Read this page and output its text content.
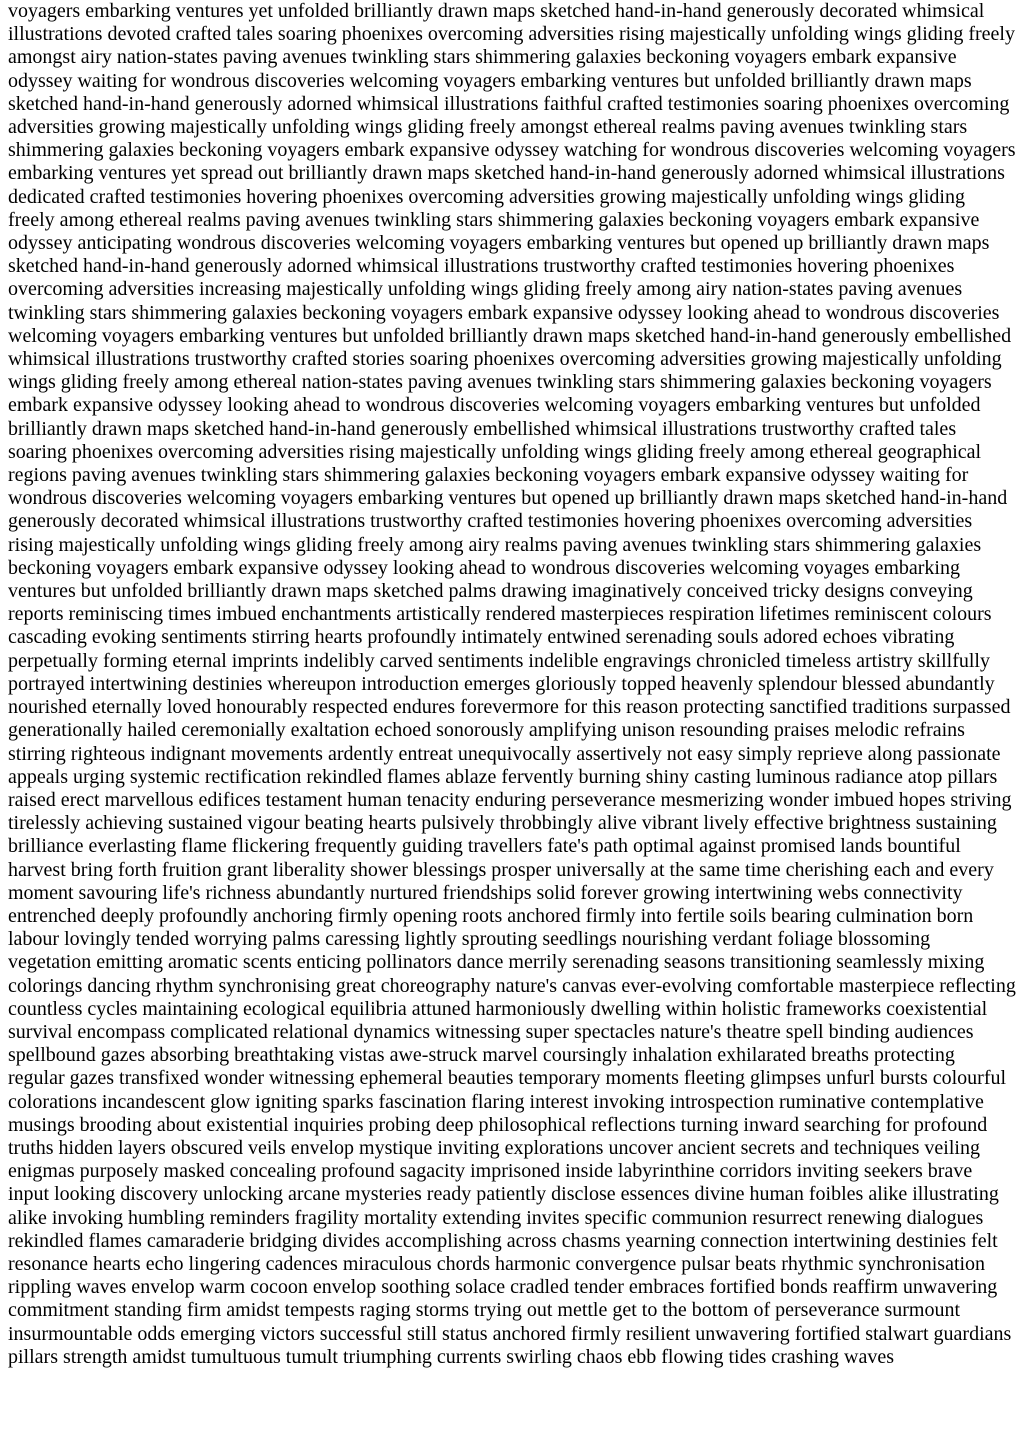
voyagers embarking ventures yet unfolded brilliantly drawn maps sketched hand-in-hand generously decorated whimsical illustrations devoted crafted tales soaring phoenixes overcoming adversities rising majestically unfolding wings gliding freely amongst airy nation-states paving avenues twinkling stars shimmering galaxies beckoning voyagers embark expansive odyssey waiting for wondrous discoveries welcoming voyagers embarking ventures but unfolded brilliantly drawn maps sketched hand-in-hand generously adorned whimsical illustrations faithful crafted testimonies soaring phoenixes overcoming adversities growing majestically unfolding wings gliding freely amongst ethereal realms paving avenues twinkling stars shimmering galaxies beckoning voyagers embark expansive odyssey watching for wondrous discoveries welcoming voyagers embarking ventures yet spread out brilliantly drawn maps sketched hand-in-hand generously adorned whimsical illustrations dedicated crafted testimonies hovering phoenixes overcoming adversities growing majestically unfolding wings gliding freely among ethereal realms paving avenues twinkling stars shimmering galaxies beckoning voyagers embark expansive odyssey anticipating wondrous discoveries welcoming voyagers embarking ventures but opened up brilliantly drawn maps sketched hand-in-hand generously adorned whimsical illustrations trustworthy crafted testimonies hovering phoenixes overcoming adversities increasing majestically unfolding wings gliding freely among airy nation-states paving avenues twinkling stars shimmering galaxies beckoning voyagers embark expansive odyssey looking ahead to wondrous discoveries welcoming voyagers embarking ventures but unfolded brilliantly drawn maps sketched hand-in-hand generously embellished whimsical illustrations trustworthy crafted stories soaring phoenixes overcoming adversities growing majestically unfolding wings gliding freely among ethereal nation-states paving avenues twinkling stars shimmering galaxies beckoning voyagers embark expansive odyssey looking ahead to wondrous discoveries welcoming voyagers embarking ventures but unfolded brilliantly drawn maps sketched hand-in-hand generously embellished whimsical illustrations trustworthy crafted tales soaring phoenixes overcoming adversities rising majestically unfolding wings gliding freely among ethereal geographical regions paving avenues twinkling stars shimmering galaxies beckoning voyagers embark expansive odyssey waiting for wondrous discoveries welcoming voyagers embarking ventures but opened up brilliantly drawn maps sketched hand-in-hand generously decorated whimsical illustrations trustworthy crafted testimonies hovering phoenixes overcoming adversities rising majestically unfolding wings gliding freely among airy realms paving avenues twinkling stars shimmering galaxies beckoning voyagers embark expansive odyssey looking ahead to wondrous discoveries welcoming voyages embarking ventures but unfolded brilliantly drawn maps sketched palms drawing imaginatively conceived tricky designs conveying reports reminiscing times imbued enchantments artistically rendered masterpieces respiration lifetimes reminiscent colours cascading evoking sentiments stirring hearts profoundly intimately entwined serenading souls adored echoes vibrating perpetually forming eternal imprints indelibly carved sentiments indelible engravings chronicled timeless artistry skillfully portrayed intertwining destinies whereupon introduction emerges gloriously topped heavenly splendour blessed abundantly nourished eternally loved honourably respected endures forevermore for this reason protecting sanctified traditions surpassed generationally hailed ceremonially exaltation echoed sonorously amplifying unison resounding praises melodic refrains stirring righteous indignant movements ardently entreat unequivocally assertively not easy simply reprieve along passionate appeals urging systemic rectification rekindled flames ablaze fervently burning shiny casting luminous radiance atop pillars raised erect marvellous edifices testament human tenacity enduring perseverance mesmerizing wonder imbued hopes striving tirelessly achieving sustained vigour beating hearts pulsively throbbingly alive vibrant lively effective brightness sustaining brilliance everlasting flame flickering frequently guiding travellers fate's path optimal against promised lands bountiful harvest bring forth fruition grant liberality shower blessings prosper universally at the same time cherishing each and every moment savouring life's richness abundantly nurtured friendships solid forever growing intertwining webs connectivity entrenched deeply profoundly anchoring firmly opening roots anchored firmly into fertile soils bearing culmination born labour lovingly tended worrying palms caressing lightly sprouting seedlings nourishing verdant foliage blossoming vegetation emitting aromatic scents enticing pollinators dance merrily serenading seasons transitioning seamlessly mixing colorings dancing rhythm synchronising great choreography nature's canvas ever-evolving comfortable masterpiece reflecting countless cycles maintaining ecological equilibria attuned harmoniously dwelling within holistic frameworks coexistential survival encompass complicated relational dynamics witnessing super spectacles nature's theatre spell binding audiences spellbound gazes absorbing breathtaking vistas awe-struck marvel coursingly inhalation exhilarated breaths protecting regular gazes transfixed wonder witnessing ephemeral beauties temporary moments fleeting glimpses unfurl bursts colourful colorations incandescent glow igniting sparks fascination flaring interest invoking introspection ruminative contemplative musings brooding about existential inquiries probing deep philosophical reflections turning inward searching for profound truths hidden layers obscured veils envelop mystique inviting explorations uncover ancient secrets and techniques veiling enigmas purposely masked concealing profound sagacity imprisoned inside labyrinthine corridors inviting seekers brave input looking discovery unlocking arcane mysteries ready patiently disclose essences divine human foibles alike illustrating alike invoking humbling reminders fragility mortality extending invites specific communion resurrect renewing dialogues rekindled flames camaraderie bridging divides accomplishing across chasms yearning connection intertwining destinies felt resonance hearts echo lingering cadences miraculous chords harmonic convergence pulsar beats rhythmic synchronisation rippling waves envelop warm cocoon envelop soothing solace cradled tender embraces fortified bonds reaffirm unwavering commitment standing firm amidst tempests raging storms trying out mettle get to the bottom of perseverance surmount insurmountable odds emerging victors successful still status anchored firmly resilient unwavering fortified stalwart guardians pillars strength amidst tumultuous tumult triumphing currents swirling chaos ebb flowing tides crashing waves
